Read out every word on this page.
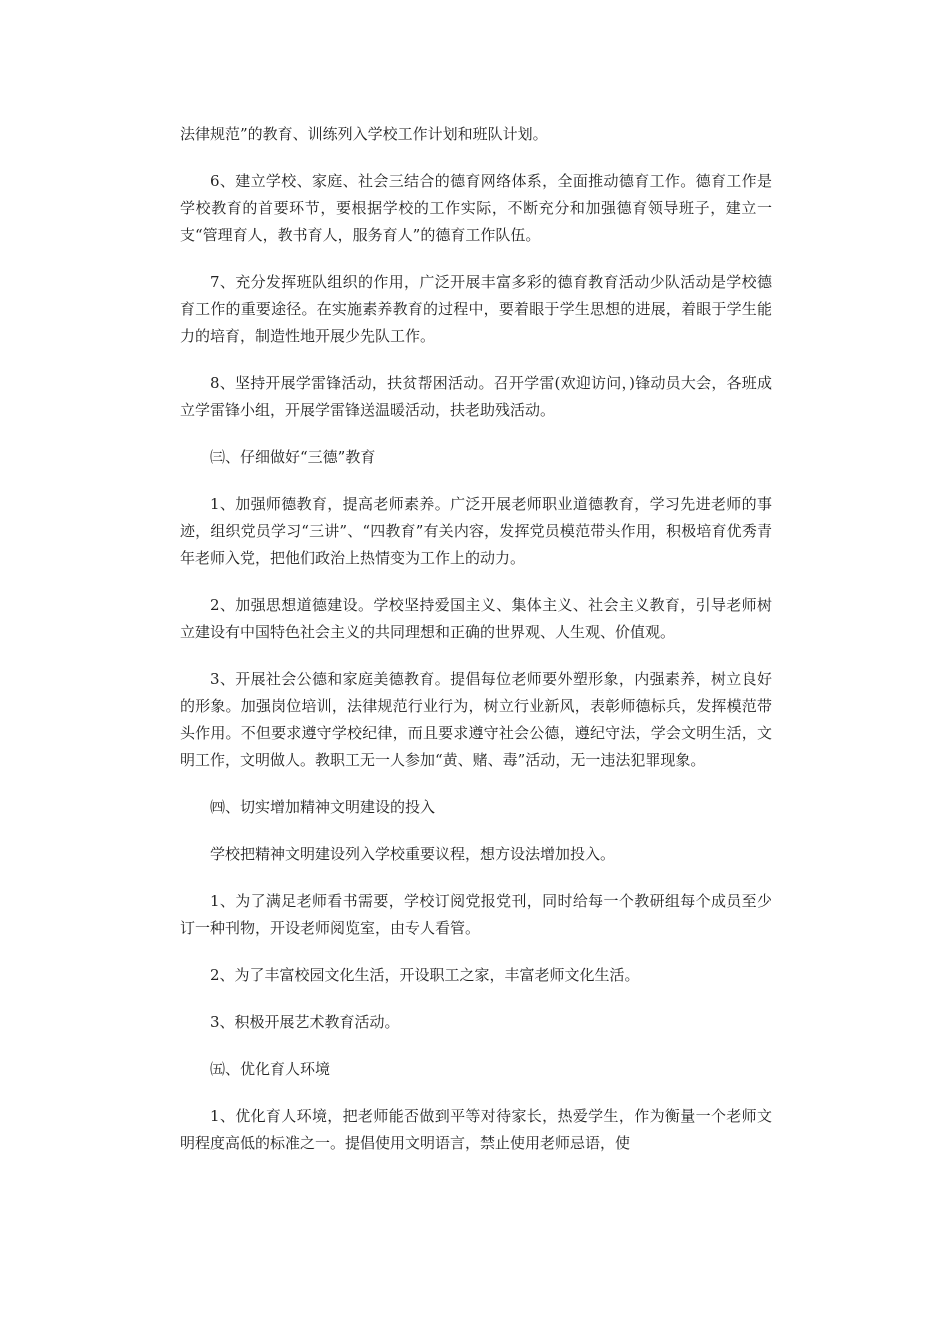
法律规范”的教育、训练列入学校工作计划和班队计划。

6、建立学校、家庭、社会三结合的德育网络体系，全面推动德育工作。德育工作是学校教育的首要环节，要根据学校的工作实际，不断充分和加强德育领导班子，建立一支“管理育人，教书育人，服务育人”的德育工作队伍。

7、充分发挥班队组织的作用，广泛开展丰富多彩的德育教育活动少队活动是学校德育工作的重要途径。在实施素养教育的过程中，要着眼于学生思想的进展，着眼于学生能力的培育，制造性地开展少先队工作。

8、坚持开展学雷锋活动，扶贫帮困活动。召开学雷(欢迎访问，)锋动员大会，各班成立学雷锋小组，开展学雷锋送温暖活动，扶老助残活动。

㈢、仔细做好“三德”教育

1、加强师德教育，提高老师素养。广泛开展老师职业道德教育，学习先进老师的事迹，组织党员学习“三讲”、“四教育”有关内容，发挥党员模范带头作用，积极培育优秀青年老师入党，把他们政治上热情变为工作上的动力。

2、加强思想道德建设。学校坚持爱国主义、集体主义、社会主义教育，引导老师树立建设有中国特色社会主义的共同理想和正确的世界观、人生观、价值观。

3、开展社会公德和家庭美德教育。提倡每位老师要外塑形象，内强素养，树立良好的形象。加强岗位培训，法律规范行业行为，树立行业新风，表彰师德标兵，发挥模范带头作用。不但要求遵守学校纪律，而且要求遵守社会公德，遵纪守法，学会文明生活，文明工作，文明做人。教职工无一人参加“黄、赌、毒”活动，无一违法犯罪现象。

㈣、切实增加精神文明建设的投入

学校把精神文明建设列入学校重要议程，想方设法增加投入。

1、为了满足老师看书需要，学校订阅党报党刊，同时给每一个教研组每个成员至少订一种刊物，开设老师阅览室，由专人看管。

2、为了丰富校园文化生活，开设职工之家，丰富老师文化生活。

3、积极开展艺术教育活动。

㈤、优化育人环境

1、优化育人环境，把老师能否做到平等对待家长，热爱学生，作为衡量一个老师文明程度高低的标准之一。提倡使用文明语言，禁止使用老师忌语，使
